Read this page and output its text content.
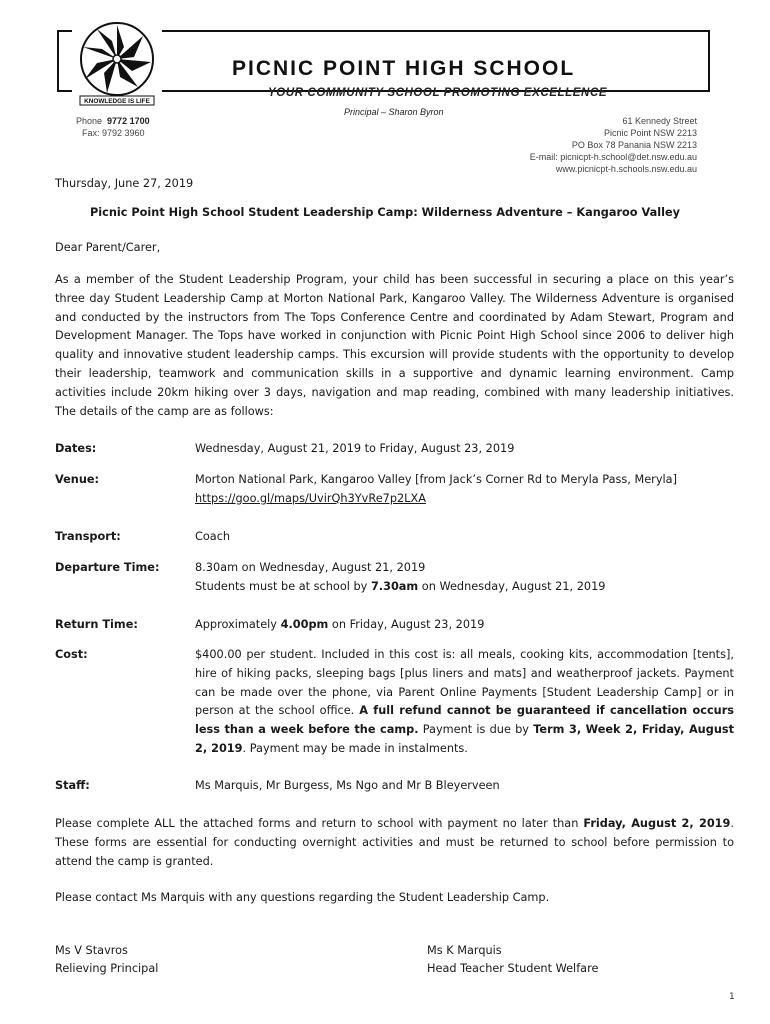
KNOWLEDGE IS LIFE
PICNIC POINT HIGH SCHOOL
YOUR COMMUNITY SCHOOL PROMOTING EXCELLENCE
Principal – Sharon Byron
Phone 9772 1700
Fax: 9792 3960
61 Kennedy Street
Picnic Point NSW 2213
PO Box 78 Panania NSW 2213
E-mail: picnicpt-h.school@det.nsw.edu.au
www.picnicpt-h.schools.nsw.edu.au
Thursday, June 27, 2019
Picnic Point High School Student Leadership Camp: Wilderness Adventure – Kangaroo Valley
Dear Parent/Carer,
As a member of the Student Leadership Program, your child has been successful in securing a place on this year’s three day Student Leadership Camp at Morton National Park, Kangaroo Valley. The Wilderness Adventure is organised and conducted by the instructors from The Tops Conference Centre and coordinated by Adam Stewart, Program and Development Manager. The Tops have worked in conjunction with Picnic Point High School since 2006 to deliver high quality and innovative student leadership camps. This excursion will provide students with the opportunity to develop their leadership, teamwork and communication skills in a supportive and dynamic learning environment. Camp activities include 20km hiking over 3 days, navigation and map reading, combined with many leadership initiatives. The details of the camp are as follows:
Dates:	Wednesday, August 21, 2019 to Friday, August 23, 2019
Venue:	Morton National Park, Kangaroo Valley [from Jack’s Corner Rd to Meryla Pass, Meryla]
https://goo.gl/maps/UvirQh3YvRe7p2LXA
Transport:	Coach
Departure Time:	8.30am on Wednesday, August 21, 2019
Students must be at school by 7.30am on Wednesday, August 21, 2019
Return Time:	Approximately 4.00pm on Friday, August 23, 2019
Cost:	$400.00 per student. Included in this cost is: all meals, cooking kits, accommodation [tents], hire of hiking packs, sleeping bags [plus liners and mats] and weatherproof jackets. Payment can be made over the phone, via Parent Online Payments [Student Leadership Camp] or in person at the school office. A full refund cannot be guaranteed if cancellation occurs less than a week before the camp. Payment is due by Term 3, Week 2, Friday, August 2, 2019. Payment may be made in instalments.
Staff:	Ms Marquis, Mr Burgess, Ms Ngo and Mr B Bleyerveen
Please complete ALL the attached forms and return to school with payment no later than Friday, August 2, 2019. These forms are essential for conducting overnight activities and must be returned to school before permission to attend the camp is granted.
Please contact Ms Marquis with any questions regarding the Student Leadership Camp.
Ms V Stavros
Relieving Principal
Ms K Marquis
Head Teacher Student Welfare
1
